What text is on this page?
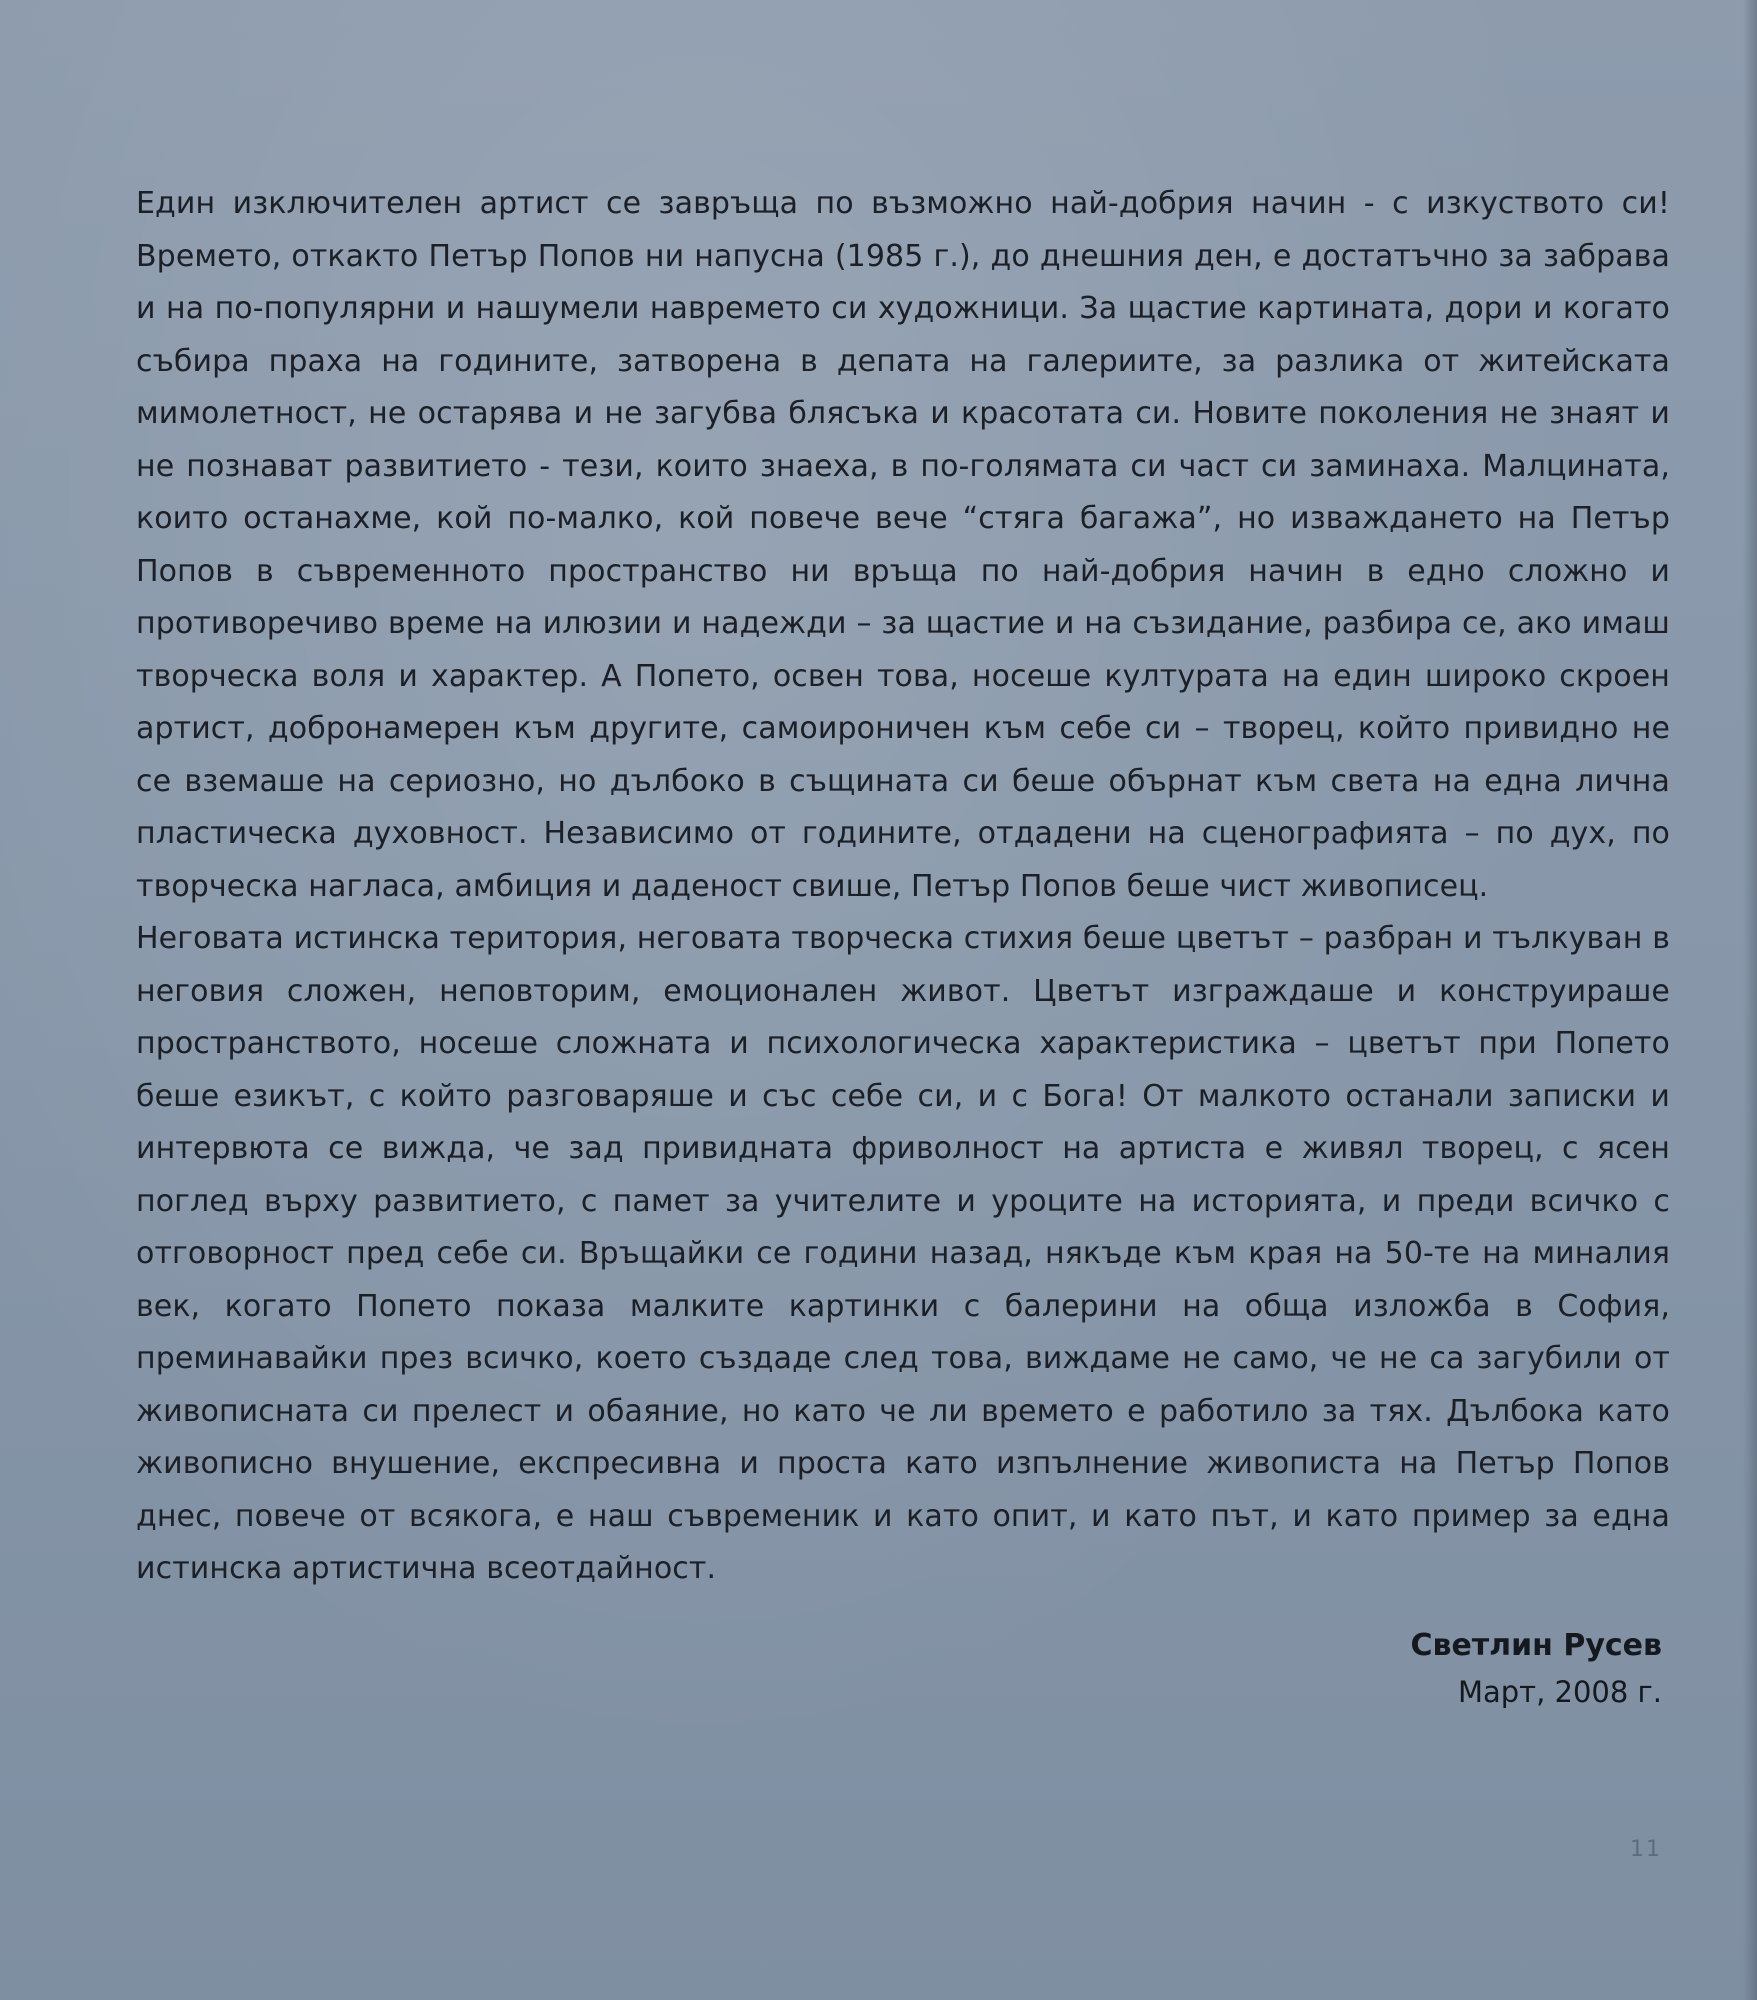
Един изключителен артист се завръща по възможно най-добрия начин - с изкуството си! Времето, откакто Петър Попов ни напусна (1985 г.), до днешния ден, е достатъчно за забрава и на по-популярни и нашумели навремето си художници. За щастие картината, дори и когато събира праха на годините, затворена в депата на галериите, за разлика от житейската мимолетност, не остарява и не загубва блясъка и красотата си. Новите поколения не знаят и не познават развитието - тези, които знаеха, в по-голямата си част си заминаха. Малцината, които останахме, кой по-малко, кой повече вече “стяга багажа”, но изваждането на Петър Попов в съвременното пространство ни връща по най-добрия начин в едно сложно и противоречиво време на илюзии и надежди – за щастие и на съзидание, разбира се, ако имаш творческа воля и характер. А Попето, освен това, носеше културата на един широко скроен артист, добронамерен към другите, самоироничен към себе си – творец, който привидно не се вземаше на сериозно, но дълбоко в същината си беше обърнат към света на една лична пластическа духовност. Независимо от годините, отдадени на сценографията – по дух, по творческа нагласа, амбиция и даденост свише, Петър Попов беше чист живописец.

Неговата истинска територия, неговата творческа стихия беше цветът – разбран и тълкуван в неговия сложен, неповторим, емоционален живот. Цветът изграждаше и конструираше пространството, носеше сложната и психологическа характеристика – цветът при Попето беше езикът, с който разговаряше и със себе си, и с Бога! От малкото останали записки и интервюта се вижда, че зад привидната фриволност на артиста е живял творец, с ясен поглед върху развитието, с памет за учителите и уроците на историята, и преди всичко с отговорност пред себе си. Връщайки се години назад, някъде към края на 50-те на миналия век, когато Попето показа малките картинки с балерини на обща изложба в София, преминавайки през всичко, което създаде след това, виждаме не само, че не са загубили от живописната си прелест и обаяние, но като че ли времето е работило за тях. Дълбока като живописно внушение, експресивна и проста като изпълнение живописта на Петър Попов днес, повече от всякога, е наш съвременик и като опит, и като път, и като пример за една истинска артистична всеотдайност.

Светлин Русев
Март, 2008 г.
11
